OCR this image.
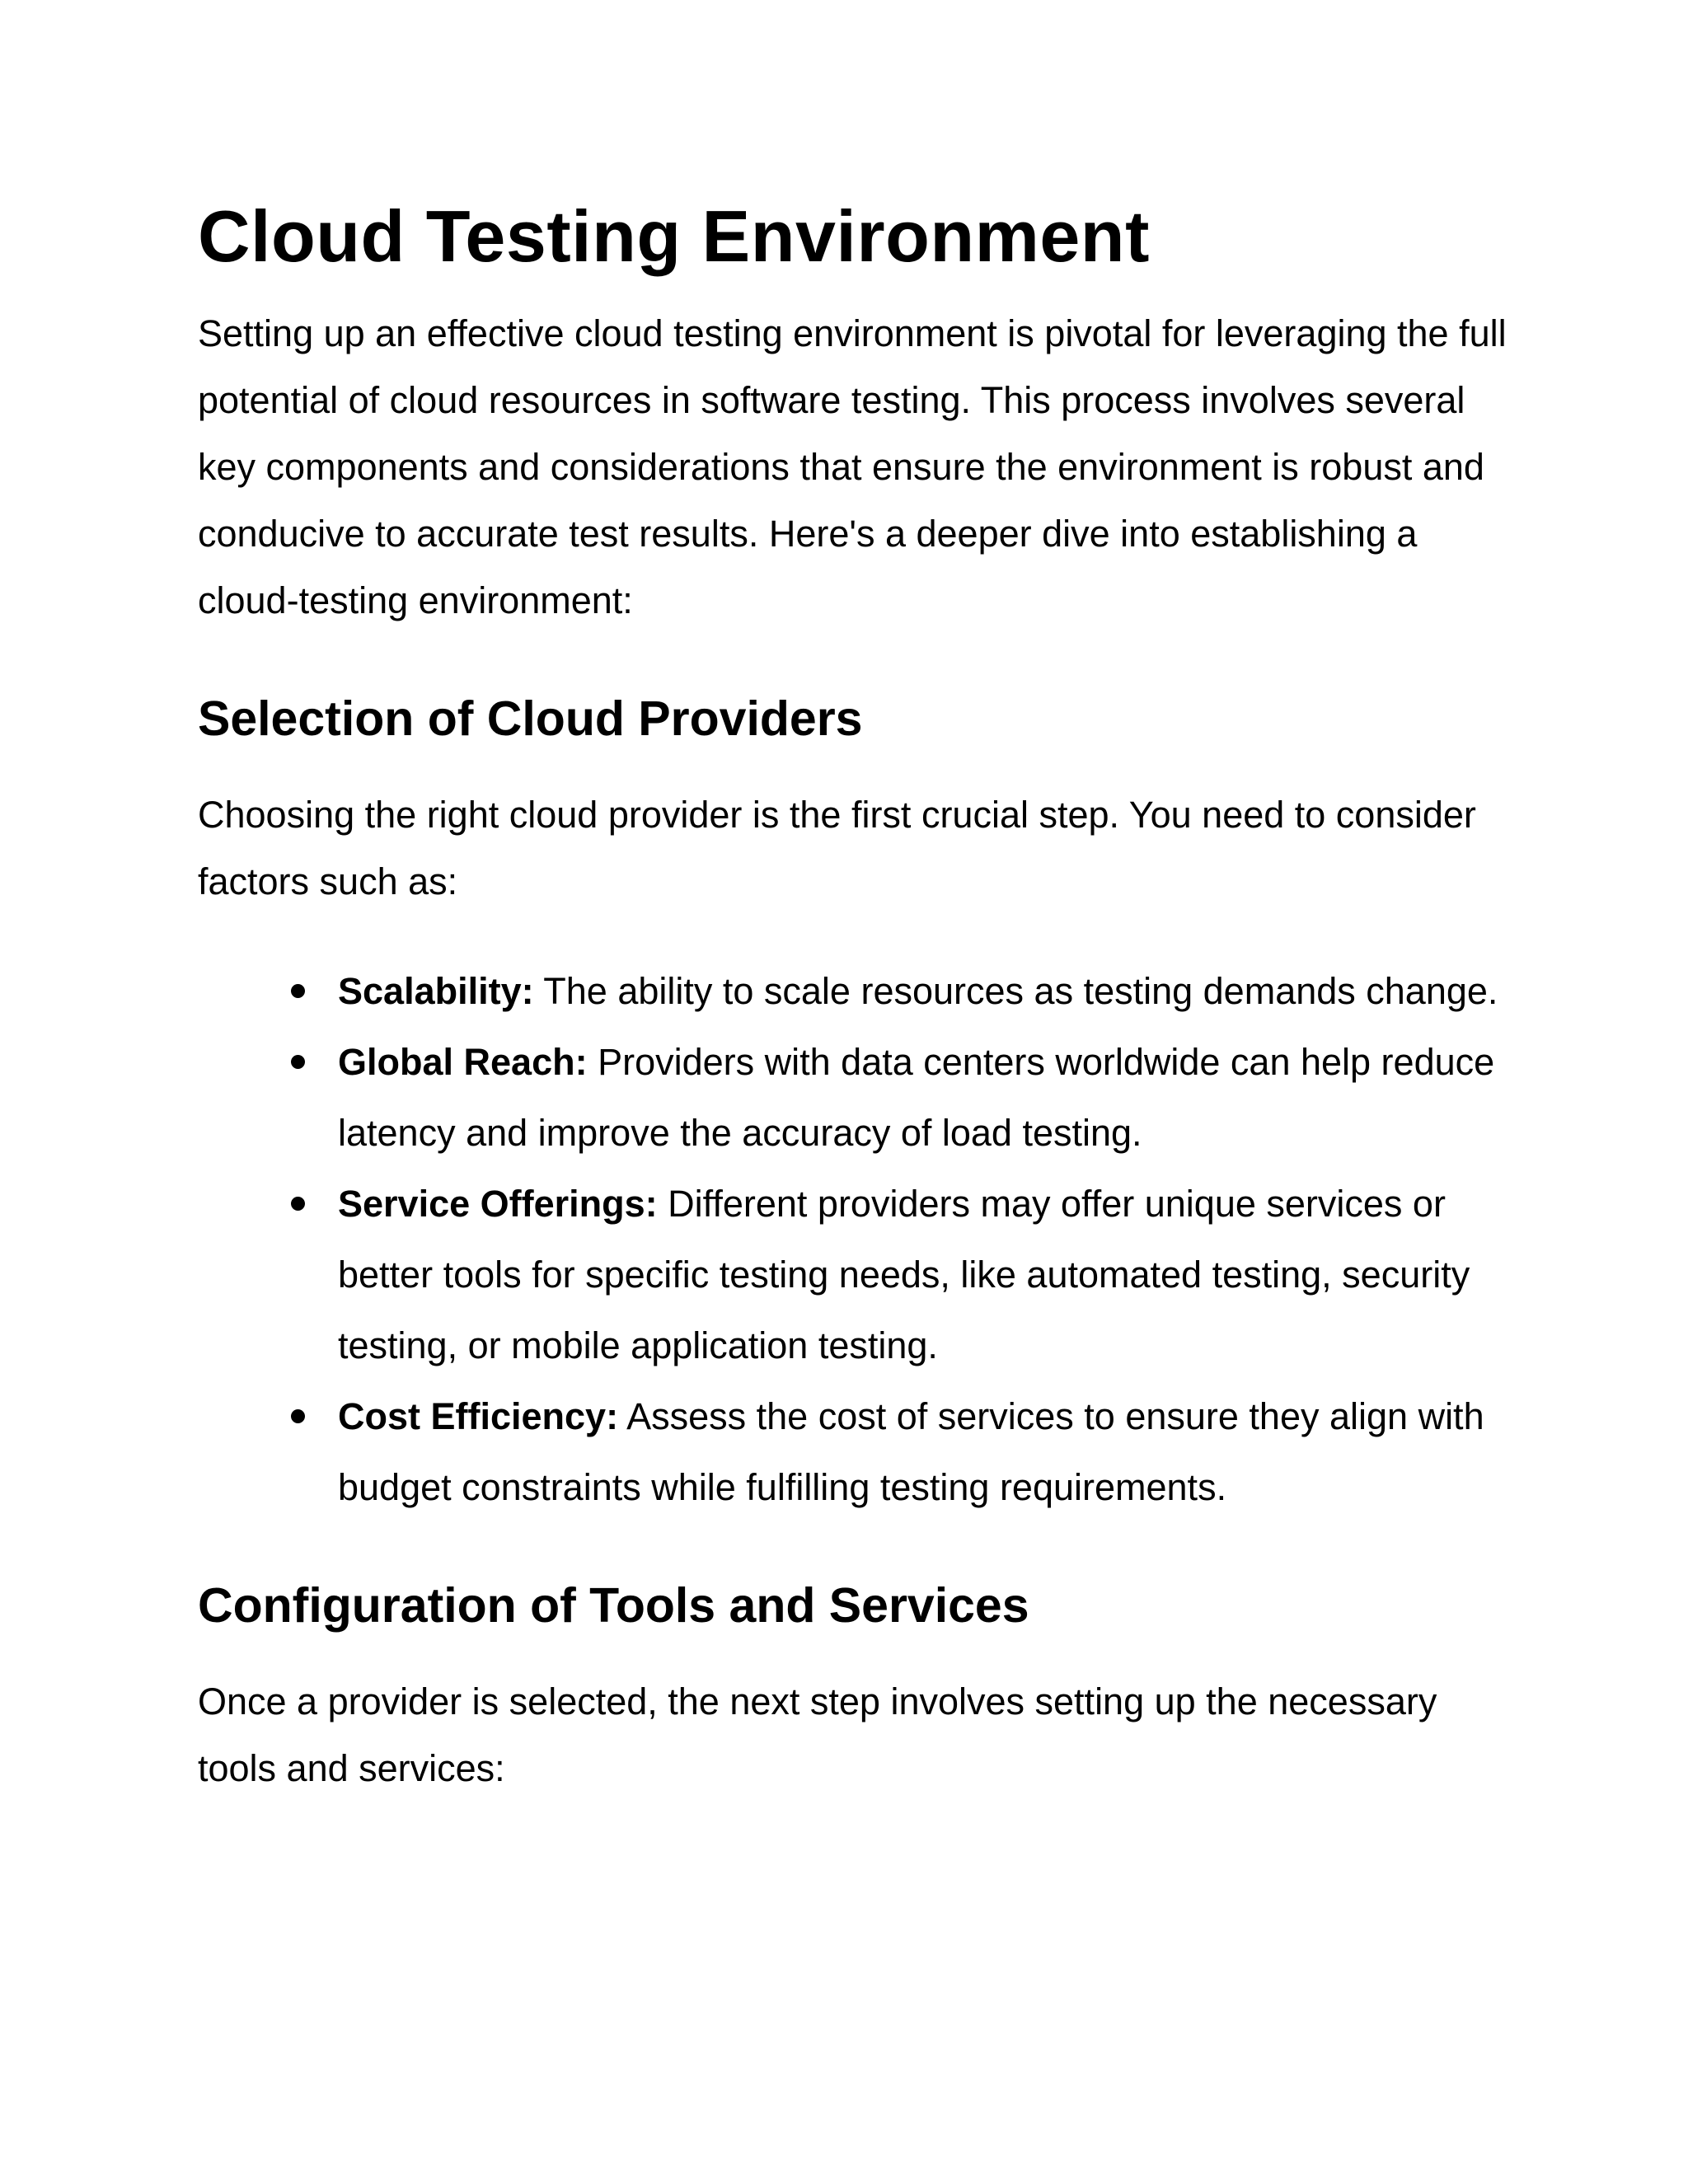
Cloud Testing Environment

Setting up an effective cloud testing environment is pivotal for leveraging the full potential of cloud resources in software testing. This process involves several key components and considerations that ensure the environment is robust and conducive to accurate test results. Here's a deeper dive into establishing a cloud-testing environment:

Selection of Cloud Providers

Choosing the right cloud provider is the first crucial step. You need to consider factors such as:

Scalability: The ability to scale resources as testing demands change.
Global Reach: Providers with data centers worldwide can help reduce latency and improve the accuracy of load testing.
Service Offerings: Different providers may offer unique services or better tools for specific testing needs, like automated testing, security testing, or mobile application testing.
Cost Efficiency: Assess the cost of services to ensure they align with budget constraints while fulfilling testing requirements.
Configuration of Tools and Services

Once a provider is selected, the next step involves setting up the necessary tools and services:
